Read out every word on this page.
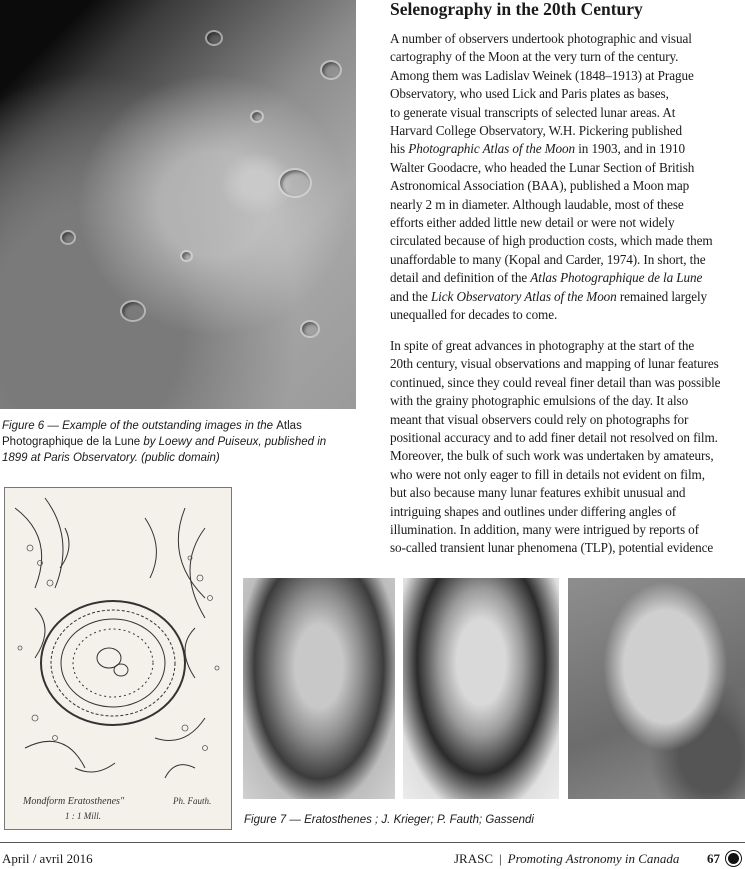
Figure 6 — Example of the outstanding images in the Atlas Photographique de la Lune by Loewy and Puiseux, published in 1899 at Paris Observatory. (public domain)
Mondform Eratosthenes"
1 : 1 Mill.
Ph. Fauth.
Figure 7 — Eratosthenes ; J. Krieger; P. Fauth; Gassendi
Selenography in the 20th Century

A number of observers undertook photographic and visual
cartography of the Moon at the very turn of the century.
Among them was Ladislav Weinek (1848–1913) at Prague
Observatory, who used Lick and Paris plates as bases,
to generate visual transcripts of selected lunar areas. At
Harvard College Observatory, W.H. Pickering published
his Photographic Atlas of the Moon in 1903, and in 1910
Walter Goodacre, who headed the Lunar Section of British
Astronomical Association (BAA), published a Moon map
nearly 2 m in diameter. Although laudable, most of these
efforts either added little new detail or were not widely
circulated because of high production costs, which made them
unaffordable to many (Kopal and Carder, 1974). In short, the
detail and definition of the Atlas Photographique de la Lune
and the Lick Observatory Atlas of the Moon remained largely
unequalled for decades to come.

In spite of great advances in photography at the start of the
20th century, visual observations and mapping of lunar features
continued, since they could reveal finer detail than was possible
with the grainy photographic emulsions of the day. It also
meant that visual observers could rely on photographs for
positional accuracy and to add finer detail not resolved on film.
Moreover, the bulk of such work was undertaken by amateurs,
who were not only eager to fill in details not evident on film,
but also because many lunar features exhibit unusual and
intriguing shapes and outlines under differing angles of
illumination. In addition, many were intrigued by reports of
so-called transient lunar phenomena (TLP), potential evidence

April / avril 2016	JRASC | Promoting Astronomy in Canada 67
